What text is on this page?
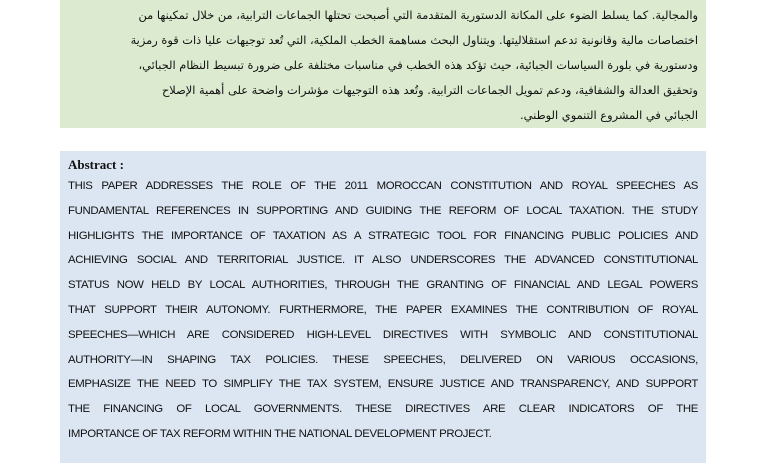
والمجالية. كما يسلط الضوء على المكانة الدستورية المتقدمة التي أصبحت تحتلها الجماعات الترابية، من خلال تمكينها من
اختصاصات مالية وقانونية تدعم استقلاليتها. ويتناول البحث مساهمة الخطب الملكية، التي تُعد توجيهات عليا ذات قوة رمزية
ودستورية في بلورة السياسات الجبائية، حيث تؤكد هذه الخطب في مناسبات مختلفة على ضرورة تبسيط النظام الجبائي،
وتحقيق العدالة والشفافية، ودعم تمويل الجماعات الترابية. وتُعد هذه التوجيهات مؤشرات واضحة على أهمية الإصلاح
الجبائي في المشروع التنموي الوطني.

Abstract :

THIS PAPER ADDRESSES THE ROLE OF THE 2011 MOROCCAN CONSTITUTION AND ROYAL SPEECHES AS
FUNDAMENTAL REFERENCES IN SUPPORTING AND GUIDING THE REFORM OF LOCAL TAXATION. THE STUDY
HIGHLIGHTS THE IMPORTANCE OF TAXATION AS A STRATEGIC TOOL FOR FINANCING PUBLIC POLICIES AND
ACHIEVING SOCIAL AND TERRITORIAL JUSTICE. IT ALSO UNDERSCORES THE ADVANCED CONSTITUTIONAL
STATUS NOW HELD BY LOCAL AUTHORITIES, THROUGH THE GRANTING OF FINANCIAL AND LEGAL POWERS
THAT SUPPORT THEIR AUTONOMY. FURTHERMORE, THE PAPER EXAMINES THE CONTRIBUTION OF ROYAL
SPEECHES—WHICH ARE CONSIDERED HIGH-LEVEL DIRECTIVES WITH SYMBOLIC AND CONSTITUTIONAL
AUTHORITY—IN SHAPING TAX POLICIES. THESE SPEECHES, DELIVERED ON VARIOUS OCCASIONS,
EMPHASIZE THE NEED TO SIMPLIFY THE TAX SYSTEM, ENSURE JUSTICE AND TRANSPARENCY, AND SUPPORT
THE FINANCING OF LOCAL GOVERNMENTS. THESE DIRECTIVES ARE CLEAR INDICATORS OF THE
IMPORTANCE OF TAX REFORM WITHIN THE NATIONAL DEVELOPMENT PROJECT.
